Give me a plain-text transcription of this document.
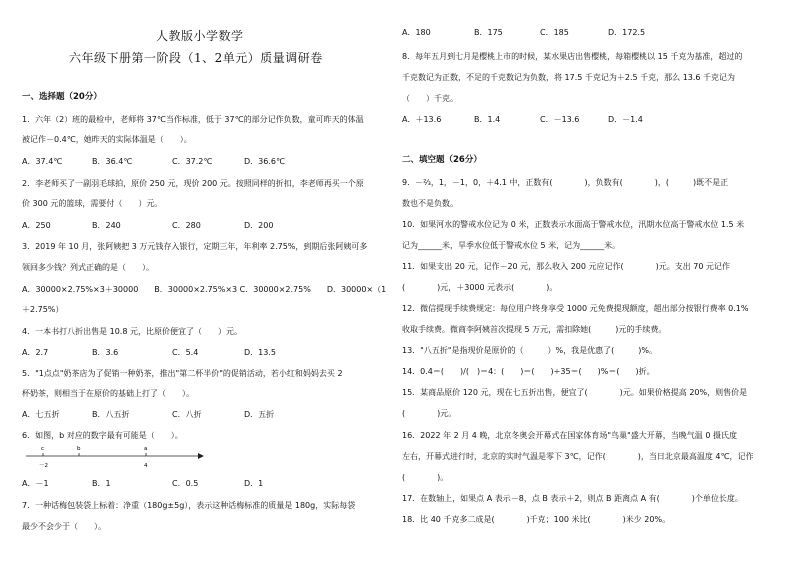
人教版小学数学
六年级下册第一阶段（1、2单元）质量调研卷
一、选择题（20分）
1．六年（2）班的最检中，老师将 37℃当作标准，低于 37℃的部分记作负数，童可昨天的体温
被记作－0.4℃，她昨天的实际体温是（　　）。
A．37.4℃	B．36.4℃	C．37.2℃	D．36.6℃
2．李老师买了一副羽毛球拍，原价 250 元，现价 200 元。按照同样的折扣，李老师再买一个原
价 300 元的篮球，需要付（　　）元。
A．250	B．240	C．280	D．200
3．2019 年 10 月，张阿姨把 3 万元钱存入银行，定期三年，年利率 2.75%，到期后张阿姨可多
领回多少钱？列式正确的是（　　）。
A．30000×2.75%×3＋30000　　B．30000×2.75%×3 C．30000×2.75%　　D．30000×（1
＋2.75%）
4．一本书打八折出售是 10.8 元，比原价便宜了（　　）元。
A．2.7	B．3.6	C．5.4	D．13.5
5．"1点点"奶茶店为了促销一种奶茶，推出"第二杯半价"的促销活动，若小红和妈妈去买 2
杯奶茶，则相当于在原价的基础上打了（　　）。
A．七五折	B．八五折	C．八折	D．五折
6．如图，b 对应的数字最有可能是（　　）。
c	b	a
－2	4
A．－1	B．1	C．0.5	D．1
7．一种话梅包装袋上标着：净重（180g±5g），表示这种话梅标准的质量是 180g，实际每袋
最少不会少于（　　）。
A．180	B．175	C．185	D．172.5
8．每年五月到七月是樱桃上市的时候，某水果店出售樱桃，每箱樱桃以 15 千克为基准，超过的
千克数记为正数，不足的千克数记为负数，将 17.5 千克记为＋2.5 千克，那么 13.6 千克记为
（　　）千克。
A．＋13.6	B．1.4	C．－13.6	D．－1.4
二、填空题（26分）
9．－⅔，1，－1，0，＋4.1 中，正数有(　　　　)，负数有(　　　　)，(　　　)既不是正
数也不是负数。
10．如果河水的警戒水位记为 0 米，正数表示水面高于警戒水位，汛期水位高于警戒水位 1.5 米
记为______米，旱季水位低于警戒水位 5 米，记为______米。
11．如果支出 20 元，记作－20 元，那么收入 200 元应记作(　　　　)元。支出 70 元记作
(　　　　)元，＋3000 元表示(　　　　)。
12．微信提现手续费规定：每位用户终身享受 1000 元免费提现额度，超出部分按银行费率 0.1%
收取手续费。微商李阿姨首次提现 5 万元，需扣除她(　　　)元的手续费。
13．"八五折"是指现价是原价的（　　　）%，我是优惠了(　　　)%。
14．0.4＝(　　)/(　)＝4：(　　)＝(　　)÷35＝(　　)%＝(　　)折。
15．某商品原价 120 元，现在七五折出售，便宜了(　　　　)元。如果价格提高 20%，则售价是
(　　　　)元。
16．2022 年 2 月 4 晚，北京冬奥会开幕式在国家体育场"鸟巢"盛大开幕，当晚气温 0 摄氏度
左右，开幕式进行时，北京的实时气温是零下 3℃，记作(　　　　)，当日北京最高温度 4℃，记作
(　　　　)。
17．在数轴上，如果点 A 表示－8，点 B 表示＋2，则点 B 距离点 A 有(　　　　)个单位长度。
18．比 40 千克多二成是(　　　　)千克；100 米比(　　　　)米少 20%。
